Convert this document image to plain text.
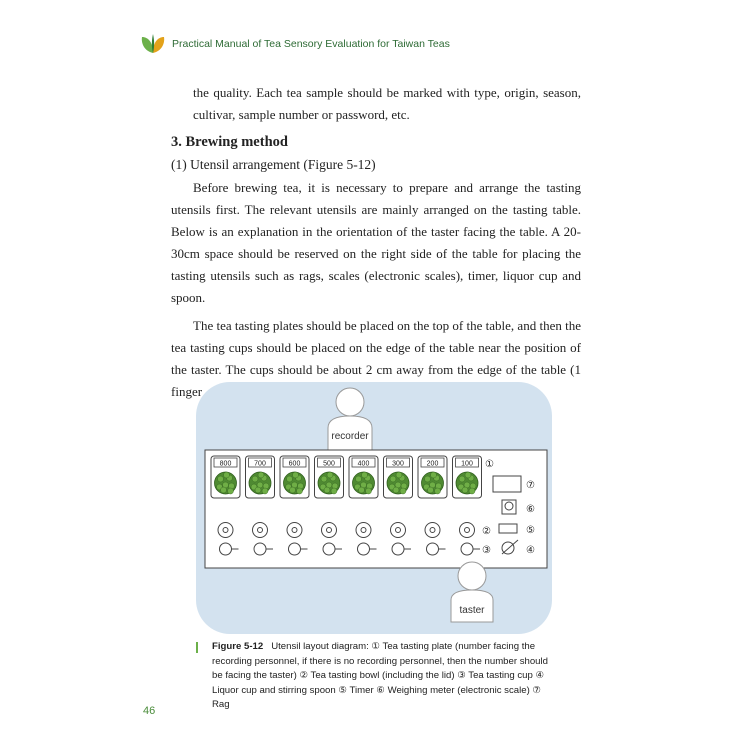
Practical Manual of Tea Sensory Evaluation for Taiwan Teas

the quality. Each tea sample should be marked with type, origin, season, cultivar, sample number or password, etc.

3. Brewing method
(1) Utensil arrangement (Figure 5-12)

Before brewing tea, it is necessary to prepare and arrange the tasting utensils first. The relevant utensils are mainly arranged on the tasting table. Below is an explanation in the orientation of the taster facing the table. A 20-30cm space should be reserved on the right side of the table for placing the tasting utensils such as rags, scales (electronic scales), timer, liquor cup and spoon.

The tea tasting plates should be placed on the top of the table, and then the tea tasting cups should be placed on the edge of the table near the position of the taster. The cups should be about 2 cm away from the edge of the table (1 finger

recorder
800	700	600	500	400	300	200	100 ①
⑦
⑥
⑤
④
②
③
taster
Figure 5-12 Utensil layout diagram: ① Tea tasting plate (number facing the recording personnel, if there is no recording personnel, then the number should be facing the taster) ② Tea tasting bowl (including the lid) ③ Tea tasting cup ④ Liquor cup and stirring spoon ⑤ Timer ⑥ Weighing meter (electronic scale) ⑦ Rag
46
